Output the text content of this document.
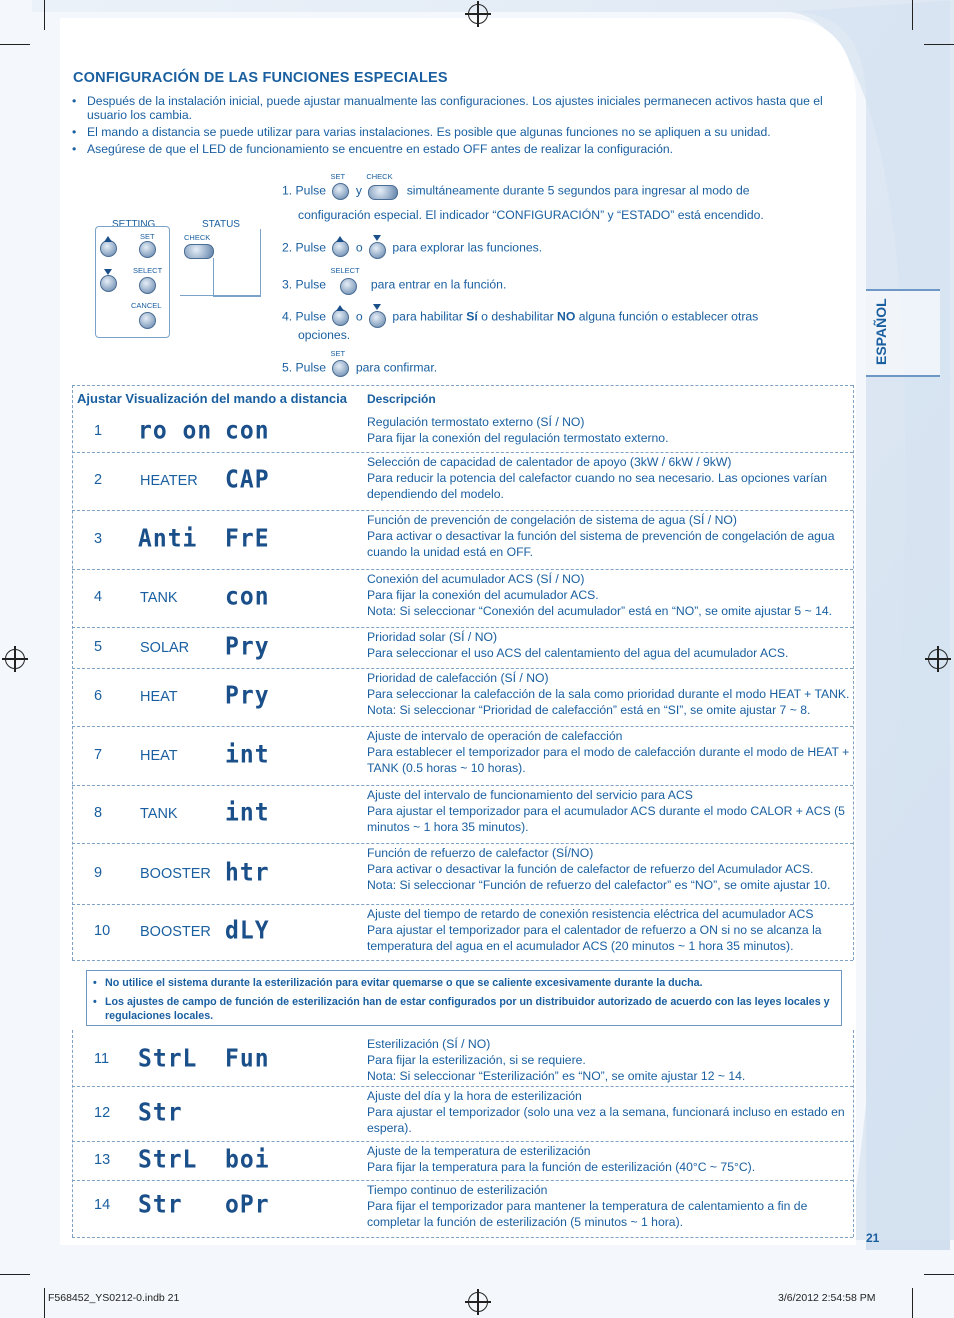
CONFIGURACIÓN DE LAS FUNCIONES ESPECIALES
• Después de la instalación inicial, puede ajustar manualmente las configuraciones. Los ajustes iniciales permanecen activos hasta que el usuario los cambia.
• El mando a distancia se puede utilizar para varias instalaciones. Es posible que algunas funciones no se apliquen a su unidad.
• Asegúrese de que el LED de funcionamiento se encuentre en estado OFF antes de realizar la configuración.
SETTING	STATUS
SET	CHECK
SELECT
CANCEL
1. Pulse
SET
y
CHECK
simultáneamente durante 5 segundos para ingresar al modo de
configuración especial. El indicador “CONFIGURACIÓN” y “ESTADO” está encendido.
2. Pulse o para explorar las funciones.
3. Pulse
SELECT
para entrar en la función.
4. Pulse o para habilitar Sí o deshabilitar NO alguna función o establecer otras
opciones.
5. Pulse
SET
para confirmar.
ESPAÑOL
Ajustar Visualización del mando a distancia Descripción
1 ro on con	Regulación termostato externo (SÍ / NO)
Para fijar la conexión del regulación termostato externo.
2	HEATER CAP
Selección de capacidad de calentador de apoyo (3kW / 6kW / 9kW)
Para reducir la potencia del calefactor cuando no sea necesario. Las opciones varían dependiendo del modelo.
3 Anti FrE
Función de prevención de congelación de sistema de agua (SÍ / NO)
Para activar o desactivar la función del sistema de prevención de congelación de agua cuando la unidad está en OFF.
4	TANK con
Conexión del acumulador ACS (SÍ / NO)
Para fijar la conexión del acumulador ACS.
Nota: Si seleccionar “Conexión del acumulador” está en “NO”, se omite ajustar 5 ~ 14.
5	SOLAR Pry	Prioridad solar (SÍ / NO)
Para seleccionar el uso ACS del calentamiento del agua del acumulador ACS.
6	HEAT Pry
Prioridad de calefacción (SÍ / NO)
Para seleccionar la calefacción de la sala como prioridad durante el modo HEAT + TANK.
Nota: Si seleccionar “Prioridad de calefacción” está en “SI”, se omite ajustar 7 ~ 8.
7	HEAT int
Ajuste de intervalo de operación de calefacción
Para establecer el temporizador para el modo de calefacción durante el modo de HEAT + TANK (0.5 horas ~ 10 horas).
8	TANK int
Ajuste del intervalo de funcionamiento del servicio para ACS
Para ajustar el temporizador para el acumulador ACS durante el modo CALOR + ACS (5 minutos ~ 1 hora 35 minutos).
9	BOOSTER htr
Función de refuerzo de calefactor (SÍ/NO)
Para activar o desactivar la función de calefactor de refuerzo del Acumulador ACS.
Nota: Si seleccionar “Función de refuerzo del calefactor” es “NO”, se omite ajustar 10.
10 BOOSTER dLY
Ajuste del tiempo de retardo de conexión resistencia eléctrica del acumulador ACS
Para ajustar el temporizador para el calentador de refuerzo a ON si no se alcanza la temperatura del agua en el acumulador ACS (20 minutos ~ 1 hora 35 minutos).
11 StrL Fun
Esterilización (SÍ / NO)
Para fijar la esterilización, si se requiere.
Nota: Si seleccionar “Esterilización” es “NO”, se omite ajustar 12 ~ 14.
12 Str
Ajuste del día y la hora de esterilización
Para ajustar el temporizador (solo una vez a la semana, funcionará incluso en estado en espera).
13 StrL boi	Ajuste de la temperatura de esterilización
Para fijar la temperatura para la función de esterilización (40°C ~ 75°C).
14 Str oPr
Tiempo continuo de esterilización
Para fijar el temporizador para mantener la temperatura de calentamiento a fin de completar la función de esterilización (5 minutos ~ 1 hora).
• No utilice el sistema durante la esterilización para evitar quemarse o que se caliente excesivamente durante la ducha.
• Los ajustes de campo de función de esterilización han de estar configurados por un distribuidor autorizado de acuerdo con las leyes locales y regulaciones locales.
21
F568452_YS0212-0.indb 21	3/6/2012 2:54:58 PM
